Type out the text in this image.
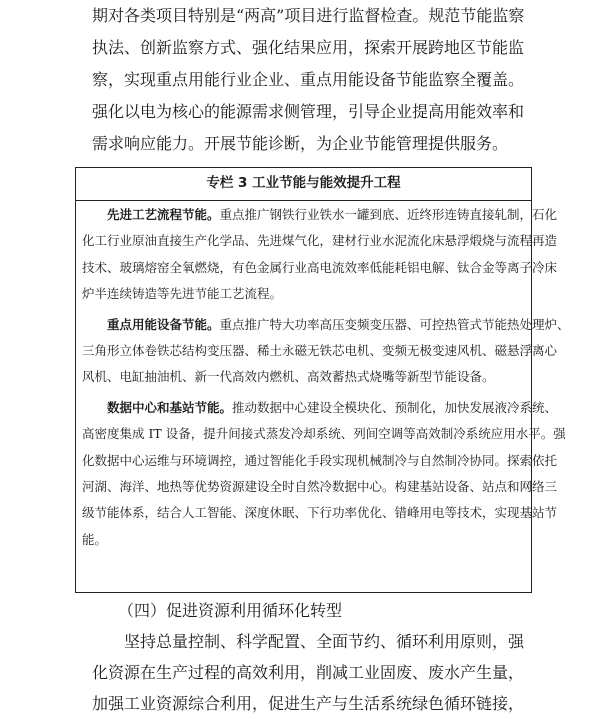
期对各类项目特别是“两高”项目进行监督检查。规范节能监察
执法、创新监察方式、强化结果应用，探索开展跨地区节能监
察，实现重点用能行业企业、重点用能设备节能监察全覆盖。
强化以电为核心的能源需求侧管理，引导企业提高用能效率和
需求响应能力。开展节能诊断，为企业节能管理提供服务。
专栏 3 工业节能与能效提升工程
先进工艺流程节能。重点推广钢铁行业铁水一罐到底、近终形连铸直接轧制，石化
化工行业原油直接生产化学品、先进煤气化，建材行业水泥流化床悬浮煅烧与流程再造
技术、玻璃熔窑全氧燃烧，有色金属行业高电流效率低能耗铝电解、钛合金等离子冷床
炉半连续铸造等先进节能工艺流程。
重点用能设备节能。重点推广特大功率高压变频变压器、可控热管式节能热处理炉、
三角形立体卷铁芯结构变压器、稀土永磁无铁芯电机、变频无极变速风机、磁悬浮离心
风机、电缸抽油机、新一代高效内燃机、高效蓄热式烧嘴等新型节能设备。
数据中心和基站节能。推动数据中心建设全模块化、预制化，加快发展液冷系统、
高密度集成 IT 设备，提升间接式蒸发冷却系统、列间空调等高效制冷系统应用水平。强
化数据中心运维与环境调控，通过智能化手段实现机械制冷与自然制冷协同。探索依托
河湖、海洋、地热等优势资源建设全时自然冷数据中心。构建基站设备、站点和网络三
级节能体系，结合人工智能、深度休眠、下行功率优化、错峰用电等技术，实现基站节
能。
（四）促进资源利用循环化转型
坚持总量控制、科学配置、全面节约、循环利用原则，强
化资源在生产过程的高效利用，削减工业固废、废水产生量，
加强工业资源综合利用，促进生产与生活系统绿色循环链接，
